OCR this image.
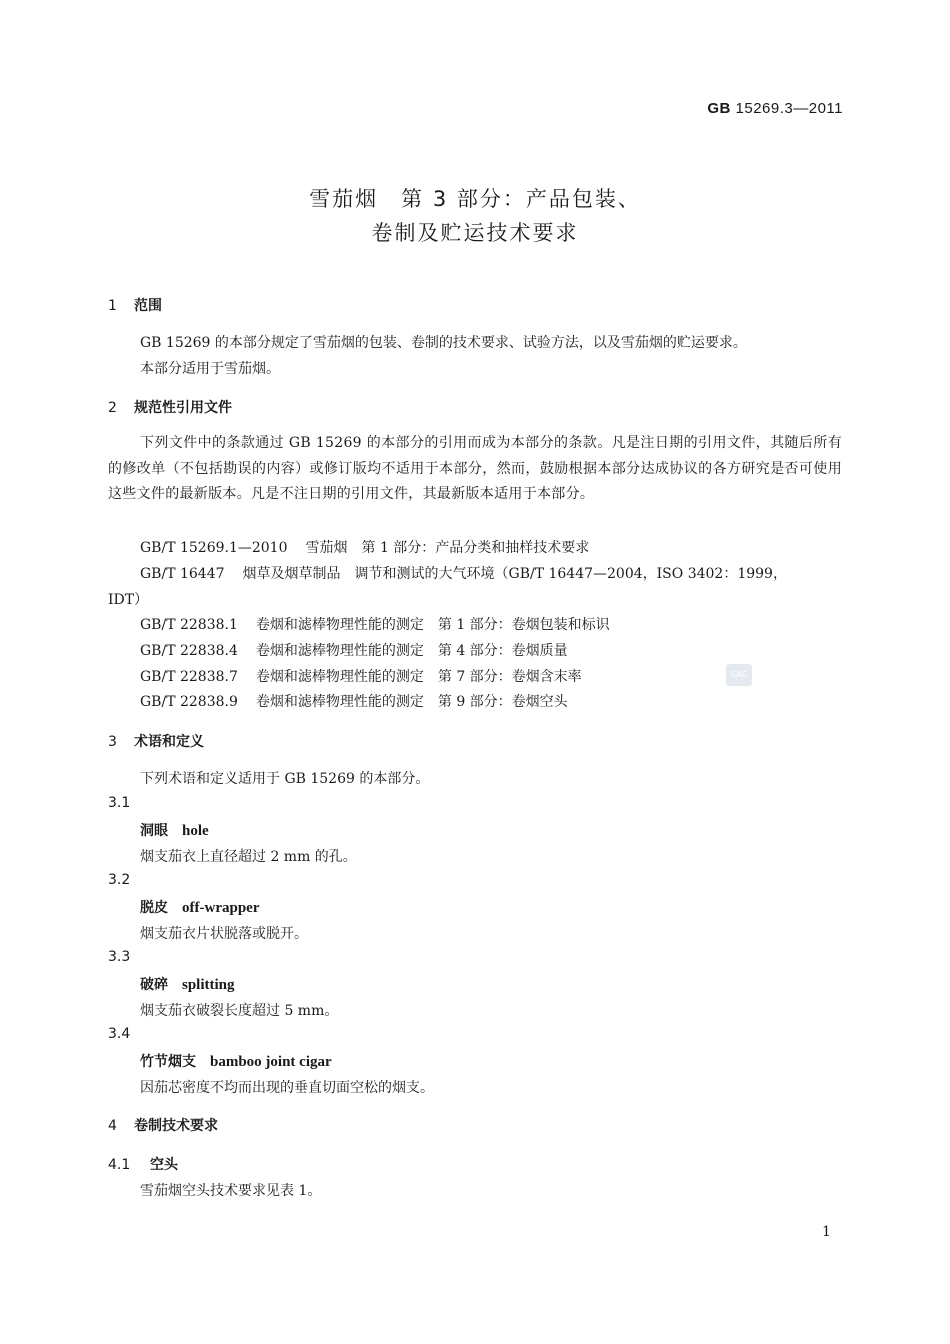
GB 15269.3—2011
雪茄烟　第 3 部分：产品包装、
卷制及贮运技术要求
1 范围
GB 15269 的本部分规定了雪茄烟的包装、卷制的技术要求、试验方法，以及雪茄烟的贮运要求。
本部分适用于雪茄烟。
2 规范性引用文件
下列文件中的条款通过 GB 15269 的本部分的引用而成为本部分的条款。凡是注日期的引用文件，其随后所有的修改单（不包括勘误的内容）或修订版均不适用于本部分，然而，鼓励根据本部分达成协议的各方研究是否可使用这些文件的最新版本。凡是不注日期的引用文件，其最新版本适用于本部分。
GB/T 15269.1—2010 雪茄烟　第 1 部分：产品分类和抽样技术要求
GB/T 16447 烟草及烟草制品　调节和测试的大气环境（GB/T 16447—2004，ISO 3402：1999，
IDT）
GB/T 22838.1 卷烟和滤棒物理性能的测定　第 1 部分：卷烟包装和标识
GB/T 22838.4 卷烟和滤棒物理性能的测定　第 4 部分：卷烟质量
GB/T 22838.7 卷烟和滤棒物理性能的测定　第 7 部分：卷烟含末率
GB/T 22838.9 卷烟和滤棒物理性能的测定　第 9 部分：卷烟空头
SAC
3 术语和定义
下列术语和定义适用于 GB 15269 的本部分。
3.1
洞眼 hole
烟支茄衣上直径超过 2 mm 的孔。
3.2
脱皮 off-wrapper
烟支茄衣片状脱落或脱开。
3.3
破碎 splitting
烟支茄衣破裂长度超过 5 mm。
3.4
竹节烟支 bamboo joint cigar
因茄芯密度不均而出现的垂直切面空松的烟支。
4 卷制技术要求
4.1 空头
雪茄烟空头技术要求见表 1。
1
